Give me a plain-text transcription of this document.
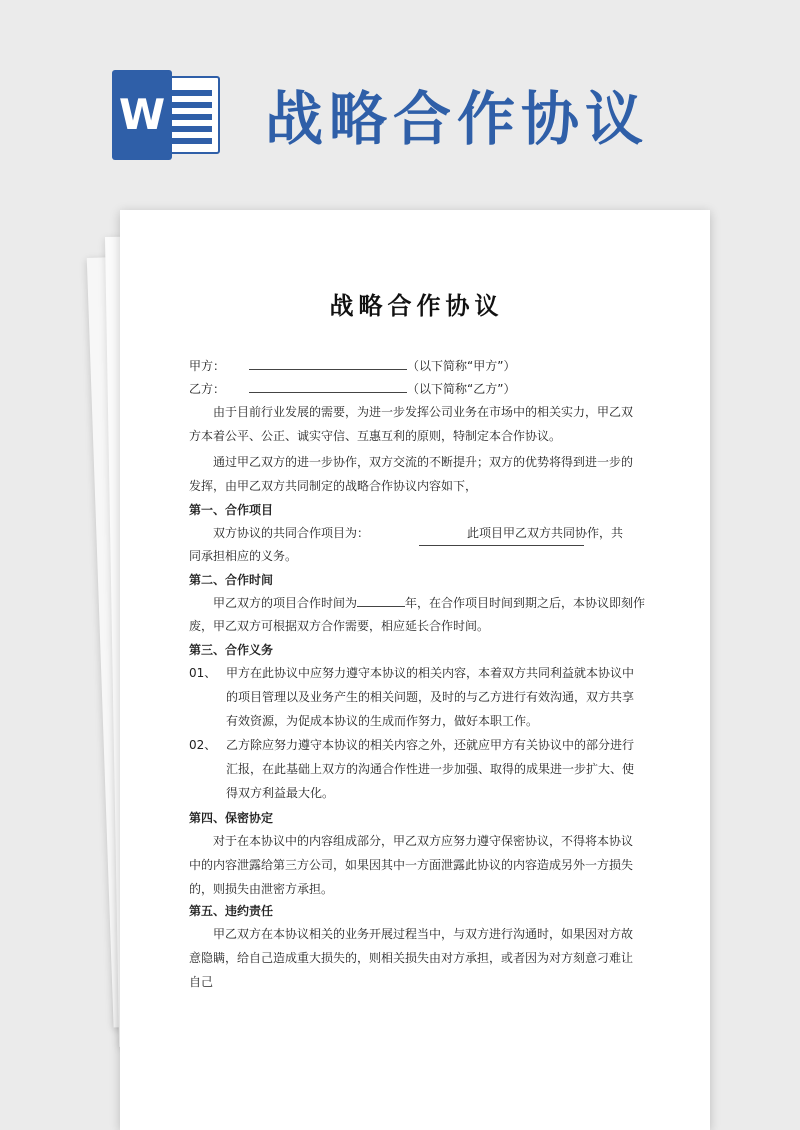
W 战略合作协议
战略合作协议
甲方：	（以下简称“甲方”）
乙方：	（以下简称“乙方”）
由于目前行业发展的需要，为进一步发挥公司业务在市场中的相关实力，甲乙双方本着公平、公正、诚实守信、互惠互利的原则，特制定本合作协议。
通过甲乙双方的进一步协作，双方交流的不断提升；双方的优势将得到进一步的发挥，由甲乙双方共同制定的战略合作协议内容如下，
第一、合作项目
双方协议的共同合作项目为：	此项目甲乙双方共同协作，共
同承担相应的义务。
第二、合作时间
甲乙双方的项目合作时间为	年，在合作项目时间到期之后，本协议即刻作
废，甲乙双方可根据双方合作需要，相应延长合作时间。
第三、合作义务
01、 甲方在此协议中应努力遵守本协议的相关内容，本着双方共同利益就本协议中的项目管理以及业务产生的相关问题，及时的与乙方进行有效沟通，双方共享有效资源，为促成本协议的生成而作努力，做好本职工作。
02、 乙方除应努力遵守本协议的相关内容之外，还就应甲方有关协议中的部分进行汇报，在此基础上双方的沟通合作性进一步加强、取得的成果进一步扩大、使得双方利益最大化。
第四、保密协定
对于在本协议中的内容组成部分，甲乙双方应努力遵守保密协议，不得将本协议中的内容泄露给第三方公司，如果因其中一方面泄露此协议的内容造成另外一方损失的，则损失由泄密方承担。
第五、违约责任
甲乙双方在本协议相关的业务开展过程当中，与双方进行沟通时，如果因对方故意隐瞒，给自己造成重大损失的，则相关损失由对方承担，或者因为对方刻意刁难让自己
